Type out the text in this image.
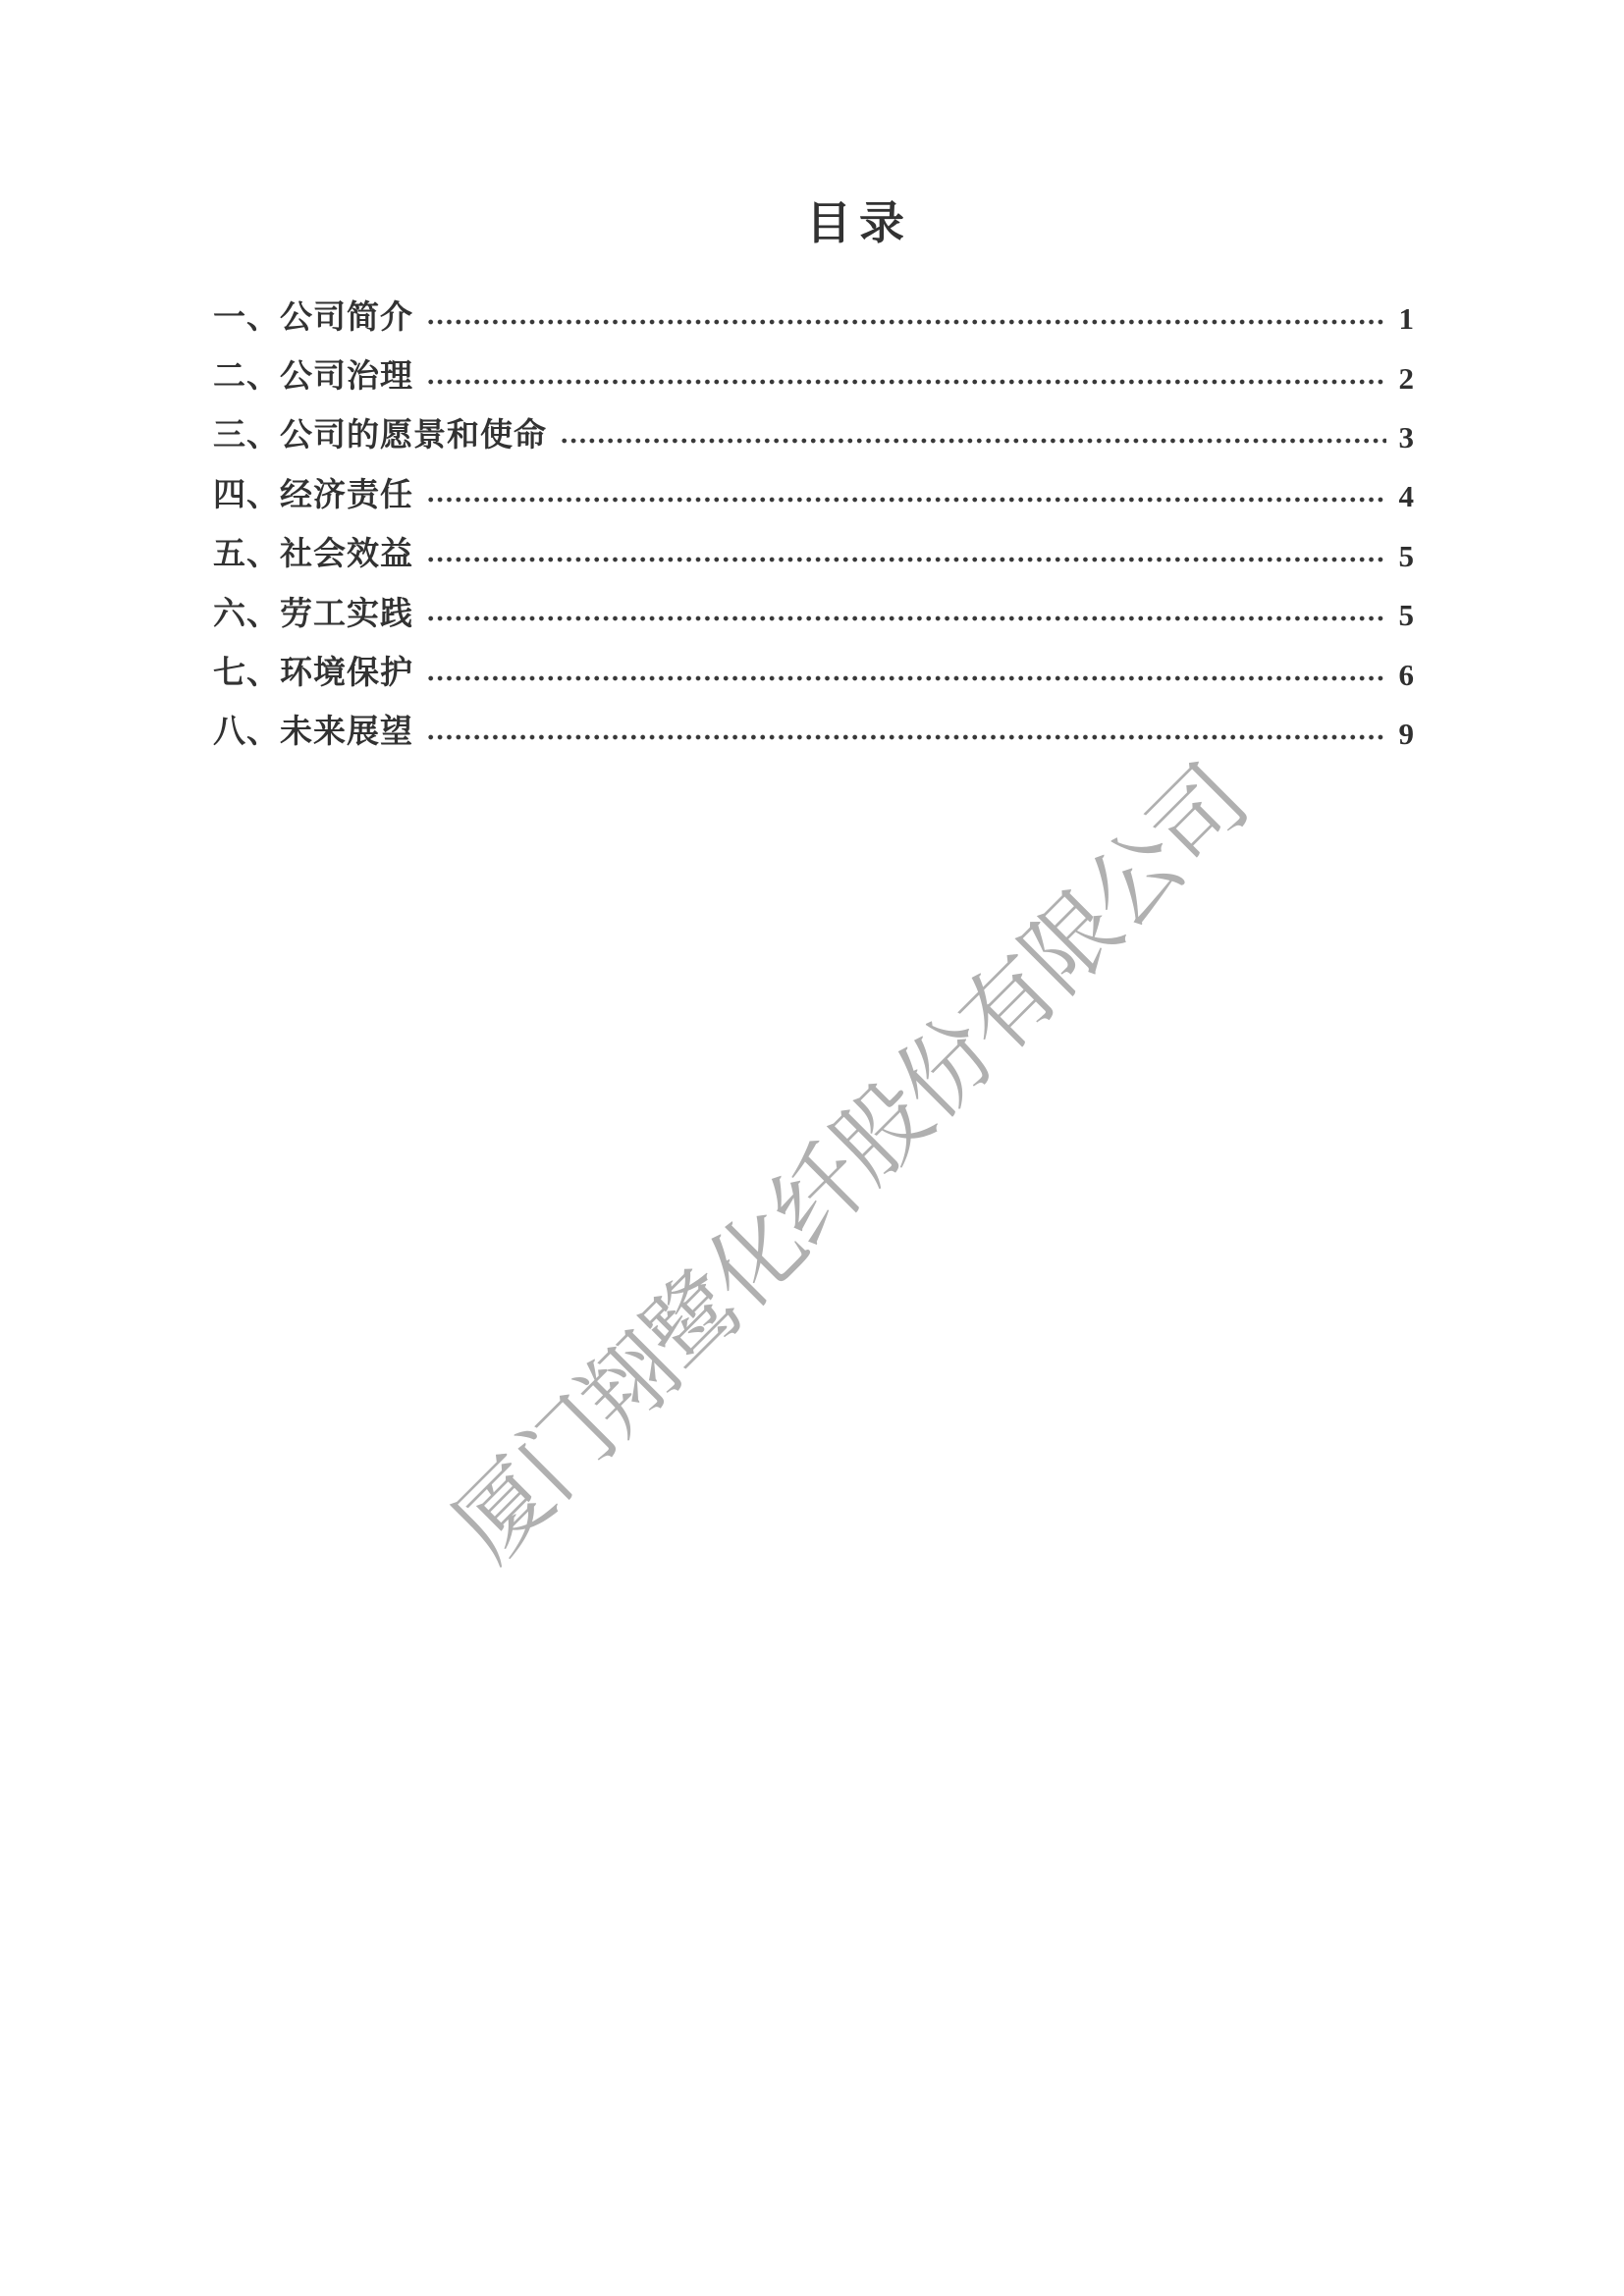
厦门翔鹭化纤股份有限公司
目录
一、公司简介	1
二、公司治理	2
三、公司的愿景和使命	3
四、经济责任	4
五、社会效益	5
六、劳工实践	5
七、环境保护	6
八、未来展望	9
